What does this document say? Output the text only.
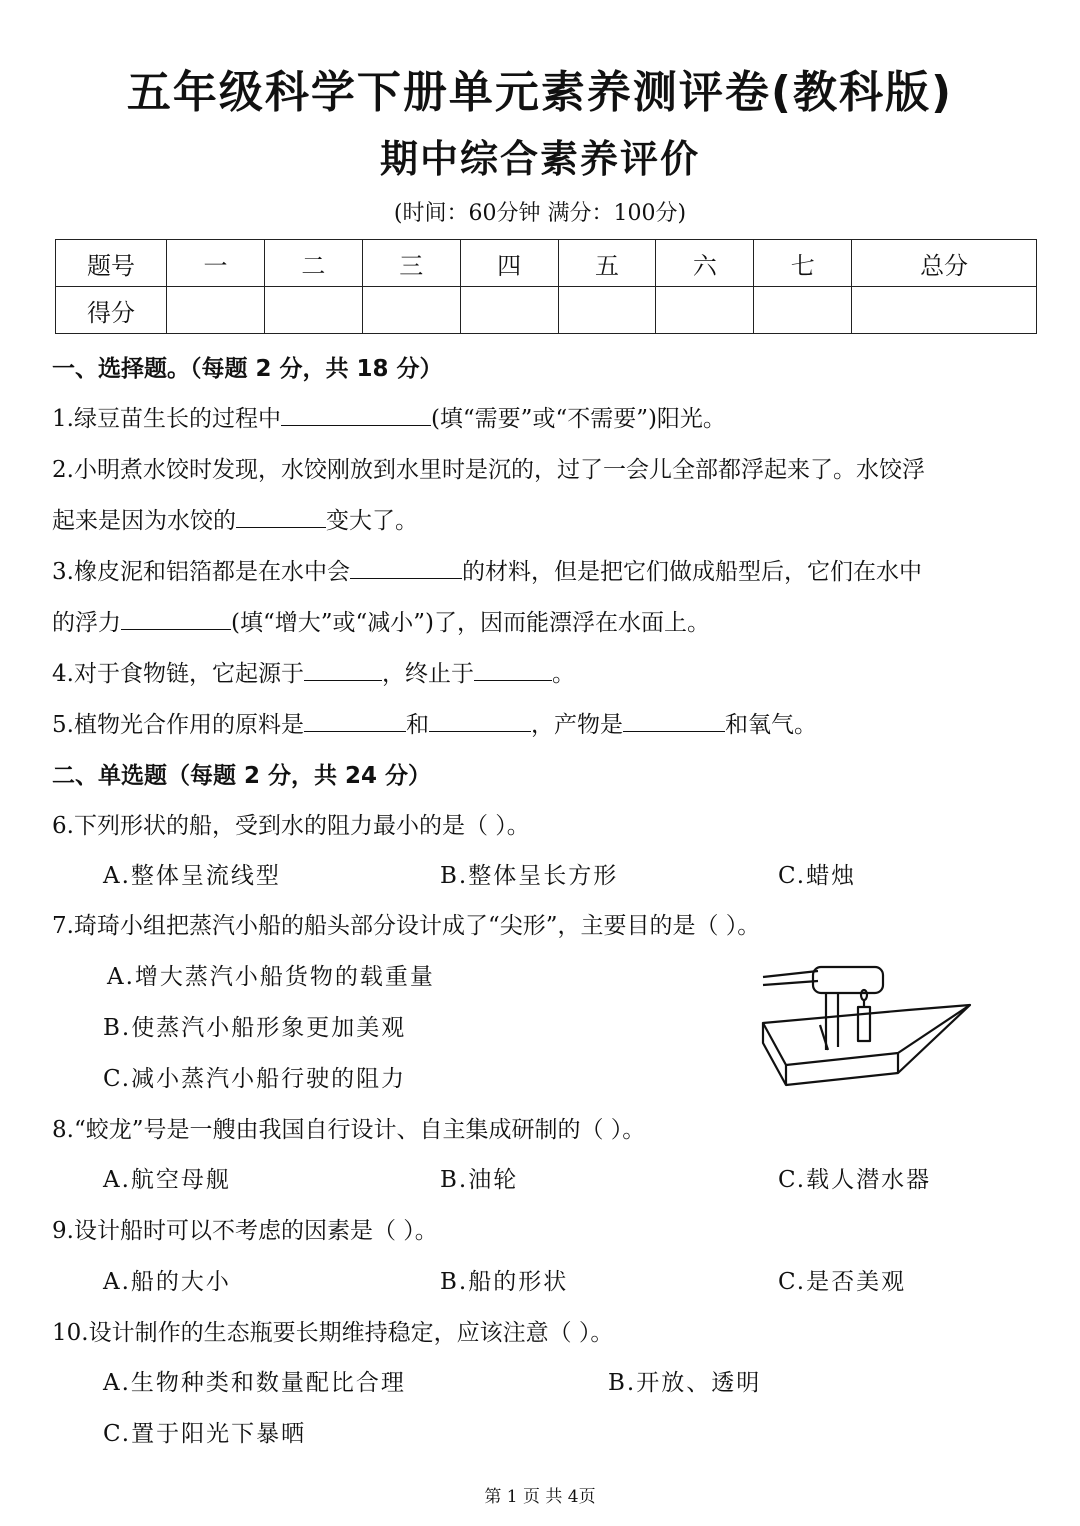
五年级科学下册单元素养测评卷(教科版)
期中综合素养评价
(时间：60分钟 满分：100分)
题号	一	二	三	四	五	六	七	总分
得分								
一、选择题。（每题 2 分，共 18 分）
1.绿豆苗生长的过程中	(填“需要”或“不需要”)阳光。
2.小明煮水饺时发现，水饺刚放到水里时是沉的，过了一会儿全部都浮起来了。水饺浮
起来是因为水饺的	变大了。
3.橡皮泥和铝箔都是在水中会	的材料，但是把它们做成船型后，它们在水中
的浮力	(填“增大”或“减小”)了，因而能漂浮在水面上。
4.对于食物链，它起源于	，终止于	。
5.植物光合作用的原料是	和	，产物是	和氧气。
二、单选题（每题 2 分，共 24 分）
6.下列形状的船，受到水的阻力最小的是（ ）。
A.整体呈流线型	B.整体呈长方形	C.蜡烛
7.琦琦小组把蒸汽小船的船头部分设计成了“尖形”，主要目的是（ ）。
A.增大蒸汽小船货物的载重量
B.使蒸汽小船形象更加美观
C.减小蒸汽小船行驶的阻力
8.“蛟龙”号是一艘由我国自行设计、自主集成研制的（ ）。
A.航空母舰	B.油轮	C.载人潜水器
9.设计船时可以不考虑的因素是（ ）。
A.船的大小	B.船的形状	C.是否美观
10.设计制作的生态瓶要长期维持稳定，应该注意（ ）。
A.生物种类和数量配比合理	B.开放、透明
C.置于阳光下暴晒
第 1 页 共 4页
